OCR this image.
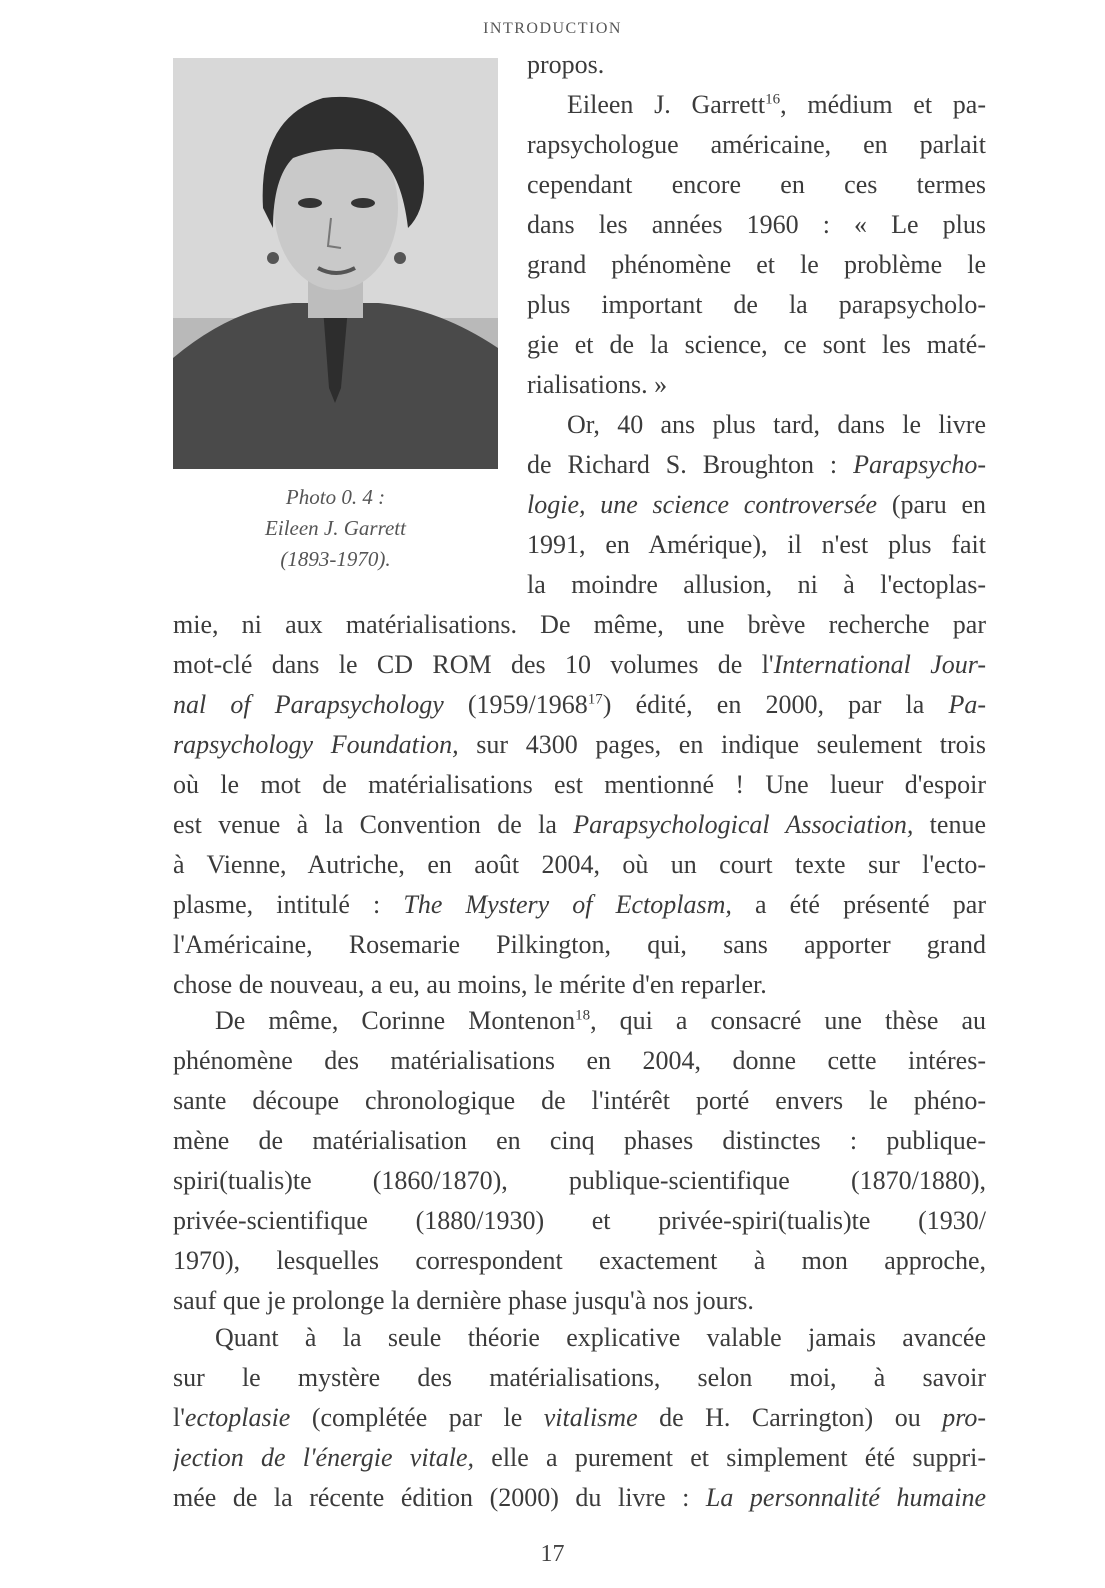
INTRODUCTION
Photo 0. 4 :
Eileen J. Garrett
(1893-1970).
propos.
Eileen J. Garrett$^{16}$, médium et pa-
rapsychologue américaine, en parlait
cependant encore en ces termes
dans les années 1960 : « Le plus
grand phénomène et le problème le
plus important de la parapsycholo-
gie et de la science, ce sont les maté-
rialisations. »
Or, 40 ans plus tard, dans le livre
de Richard S. Broughton : Parapsycho-
logie, une science controversée (paru en
1991, en Amérique), il n'est plus fait
la moindre allusion, ni à l'ectoplas-
mie, ni aux matérialisations. De même, une brève recherche par
mot-clé dans le CD ROM des 10 volumes de l'International Jour-
nal of Parapsychology (1959/1968$^{17}$) édité, en 2000, par la Pa-
rapsychology Foundation, sur 4300 pages, en indique seulement trois
où le mot de matérialisations est mentionné ! Une lueur d'espoir
est venue à la Convention de la Parapsychological Association, tenue
à Vienne, Autriche, en août 2004, où un court texte sur l'ecto-
plasme, intitulé : The Mystery of Ectoplasm, a été présenté par
l'Américaine, Rosemarie Pilkington, qui, sans apporter grand
chose de nouveau, a eu, au moins, le mérite d'en reparler.
De même, Corinne Montenon$^{18}$, qui a consacré une thèse au
phénomène des matérialisations en 2004, donne cette intéres-
sante découpe chronologique de l'intérêt porté envers le phéno-
mène de matérialisation en cinq phases distinctes : publique-
spiri(tualis)te (1860/1870), publique-scientifique (1870/1880),
privée-scientifique (1880/1930) et privée-spiri(tualis)te (1930/
1970), lesquelles correspondent exactement à mon approche,
sauf que je prolonge la dernière phase jusqu'à nos jours.
Quant à la seule théorie explicative valable jamais avancée
sur le mystère des matérialisations, selon moi, à savoir
l'ectoplasie (complétée par le vitalisme de H. Carrington) ou pro-
jection de l'énergie vitale, elle a purement et simplement été suppri-
mée de la récente édition (2000) du livre : La personnalité humaine
17
